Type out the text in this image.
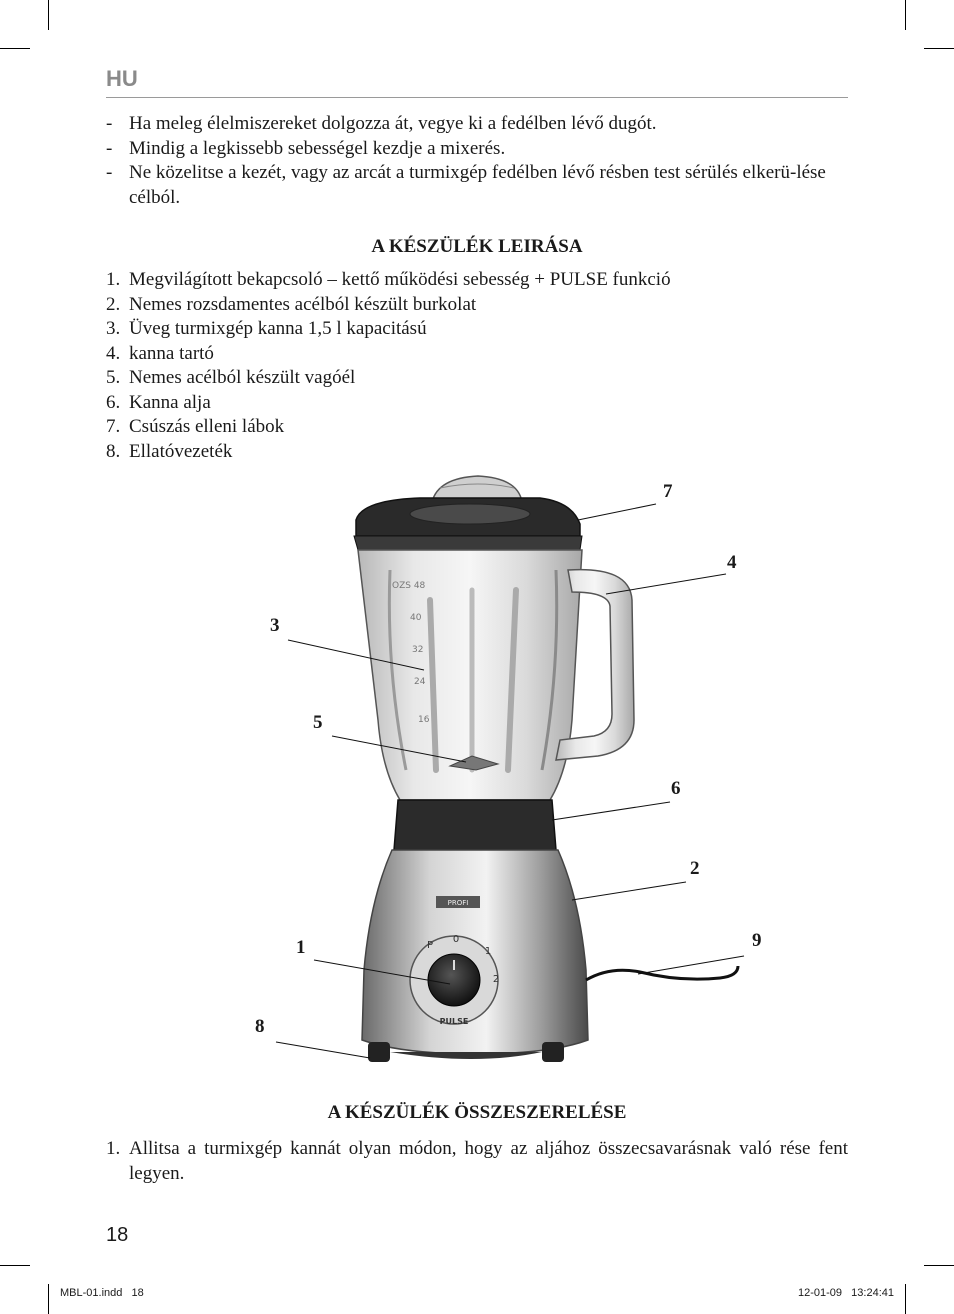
HU
- Ha meleg élelmiszereket dolgozza át, vegye ki a fedélben lévő dugót.
- Mindig a legkissebb sebességel kezdje a mixerés.
- Ne közelitse a kezét, vagy az arcát a turmixgép fedélben lévő résben test sérülés elkerü-lése célból.
A KÉSZÜLÉK LEIRÁSA
1. Megvilágított bekapcsoló – kettő működési sebesség + PULSE funkció
2. Nemes rozsdamentes acélból készült burkolat
3. Üveg turmixgép kanna 1,5 l kapacitású
4. kanna tartó
5. Nemes acélból készült vagóél
6. Kanna alja
7. Csúszás elleni lábok
8. Ellatóvezeték
OZS 48
40
32
24
16
PROFI
P
0
1
2
PULSE
7
4
3
5
6
2
1	9
8
A KÉSZÜLÉK ÖSSZESZERELÉSE
1. Allitsa a turmixgép kannát olyan módon, hogy az aljához összecsavarásnak való rése fent legyen.
18
MBL-01.indd   18	12-01-09   13:24:41
